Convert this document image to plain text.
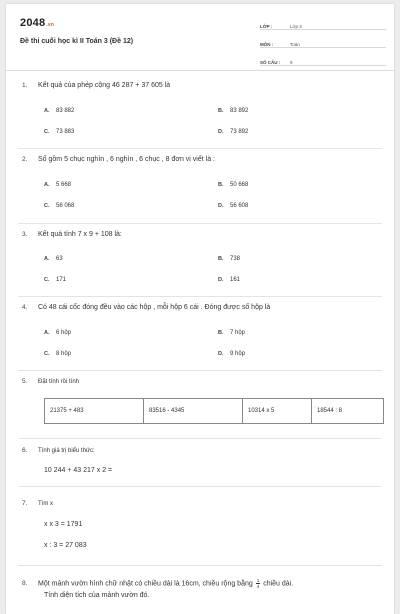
2048.vn
Đề thi cuối học kì II Toán 3 (Đề 12)
LỚP :	Lớp 3
MÔN :	Toán
SỐ CÂU :	9
1. Kết quả của phép cộng 46 287 + 37 605 là
A. 83 882	B. 83 892
C. 73 883	D. 73 892
2. Số gồm 5 chục nghìn , 6 nghìn , 6 chục , 8 đơn vị viết là :
A. 5 668	B. 50 668
C. 56 068	D. 56 608
3. Kết quả tính 7 x 9 + 108 là:
A. 63	B. 738
C. 171	D. 161
4. Có 48 cái cốc đóng đều vào các hộp , mỗi hộp 6 cái . Đóng được số hộp là
A. 6 hộp	B. 7 hộp
C. 8 hộp	D. 9 hộp
5. Đặt tính rồi tính
21375 + 483	83516 - 4345	10314 x 5	18544 : 8
6. Tính giá trị biểu thức:
10 244 + 43 217 x 2 =
7. Tìm x
x x 3 = 1791
x : 3 = 27 083
8. Một mảnh vườn hình chữ nhật có chiều dài là 16cm, chiều rộng bằng $\frac{1}{4}$ chiều dài.
Tính diện tích của mảnh vườn đó.
